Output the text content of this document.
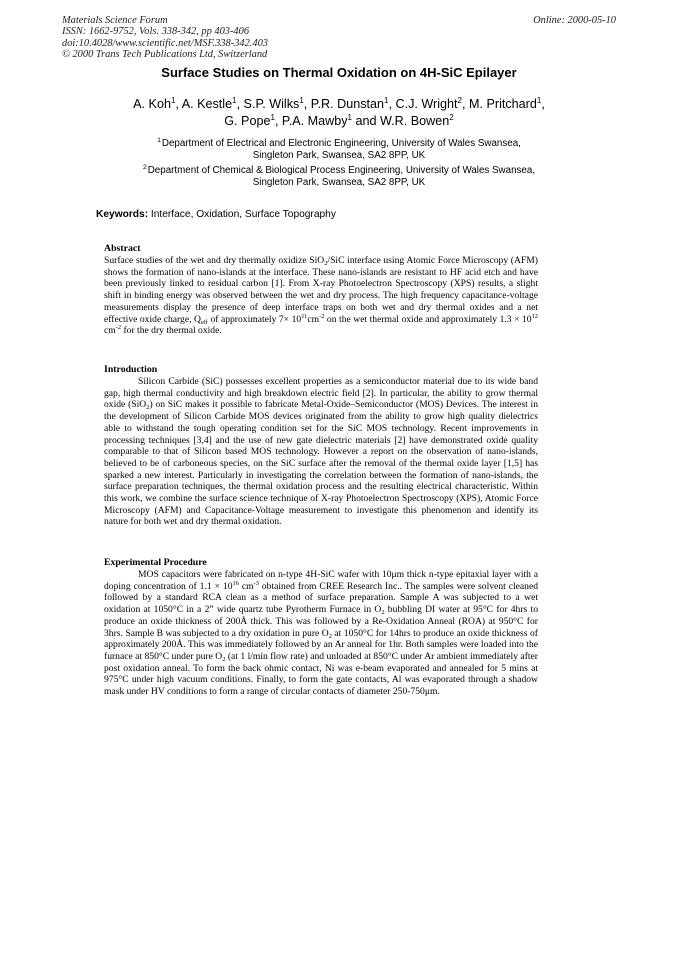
Materials Science Forum
ISSN: 1662-9752, Vols. 338-342, pp 403-406
doi:10.4028/www.scientific.net/MSF.338-342.403
© 2000 Trans Tech Publications Ltd, Switzerland
Online: 2000-05-10
Surface Studies on Thermal Oxidation on 4H-SiC Epilayer
A. Koh$^1$, A. Kestle$^1$, S.P. Wilks$^1$, P.R. Dunstan$^1$, C.J. Wright$^2$, M. Pritchard$^1$,
G. Pope$^1$, P.A. Mawby$^1$ and W.R. Bowen$^2$
$^1$Department of Electrical and Electronic Engineering, University of Wales Swansea,
Singleton Park, Swansea, SA2 8PP, UK
$^2$Department of Chemical & Biological Process Engineering, University of Wales Swansea,
Singleton Park, Swansea, SA2 8PP, UK
Keywords: Interface, Oxidation, Surface Topography
Abstract
Surface studies of the wet and dry thermally oxidize SiO$_2$/SiC interface using Atomic Force Microscopy (AFM) shows the formation of nano-islands at the interface. These nano-islands are resistant to HF acid etch and have been previously linked to residual carbon [1]. From X-ray Photoelectron Spectroscopy (XPS) results, a slight shift in binding energy was observed between the wet and dry process. The high frequency capacitance-voltage measurements display the presence of deep interface traps on both wet and dry thermal oxides and a net effective oxide charge, $Q_{eff}$ of approximately $7\times 10^{11}cm^{-2}$ on the wet thermal oxide and approximately $1.3 \times 10^{12}$ $cm^{-2}$ for the dry thermal oxide.
Introduction
Silicon Carbide (SiC) possesses excellent properties as a semiconductor material due to its wide band gap, high thermal conductivity and high breakdown electric field [2]. In particular, the ability to grow thermal oxide (SiO$_2$) on SiC makes it possible to fabricate Metal-Oxide–Semiconductor (MOS) Devices. The interest in the development of Silicon Carbide MOS devices originated from the ability to grow high quality dielectrics able to withstand the tough operating condition set for the SiC MOS technology. Recent improvements in processing techniques [3,4] and the use of new gate dielectric materials [2] have demonstrated oxide quality comparable to that of Silicon based MOS technology. However a report on the observation of nano-islands, believed to be of carboneous species, on the SiC surface after the removal of the thermal oxide layer [1,5] has sparked a new interest. Particularly in investigating the correlation between the formation of nano-islands, the surface preparation techniques, the thermal oxidation process and the resulting electrical characteristic. Within this work, we combine the surface science technique of X-ray Photoelectron Spectroscopy (XPS), Atomic Force Microscopy (AFM) and Capacitance-Voltage measurement to investigate this phenomenon and identify its nature for both wet and dry thermal oxidation.
Experimental Procedure
MOS capacitors were fabricated on n-type 4H-SiC wafer with 10μm thick n-type epitaxial layer with a doping concentration of $1.1 \times 10^{16}$ $cm^{-3}$ obtained from CREE Research Inc.. The samples were solvent cleaned followed by a standard RCA clean as a method of surface preparation. Sample A was subjected to a wet oxidation at 1050°C in a 2” wide quartz tube Pyrotherm Furnace in $O_2$ bubbling DI water at 95°C for 4hrs to produce an oxide thickness of 200Å thick. This was followed by a Re-Oxidation Anneal (ROA) at 950°C for 3hrs. Sample B was subjected to a dry oxidation in pure $O_2$ at 1050°C for 14hrs to produce an oxide thickness of approximately 200Å. This was immediately followed by an Ar anneal for 1hr. Both samples were loaded into the furnace at 850°C under pure $O_2$ (at 1 l/min flow rate) and unloaded at 850°C under Ar ambient immediately after post oxidation anneal. To form the back ohmic contact, Ni was e-beam evaporated and annealed for 5 mins at 975°C under high vacuum conditions. Finally, to form the gate contacts, Al was evaporated through a shadow mask under HV conditions to form a range of circular contacts of diameter 250-750μm.
